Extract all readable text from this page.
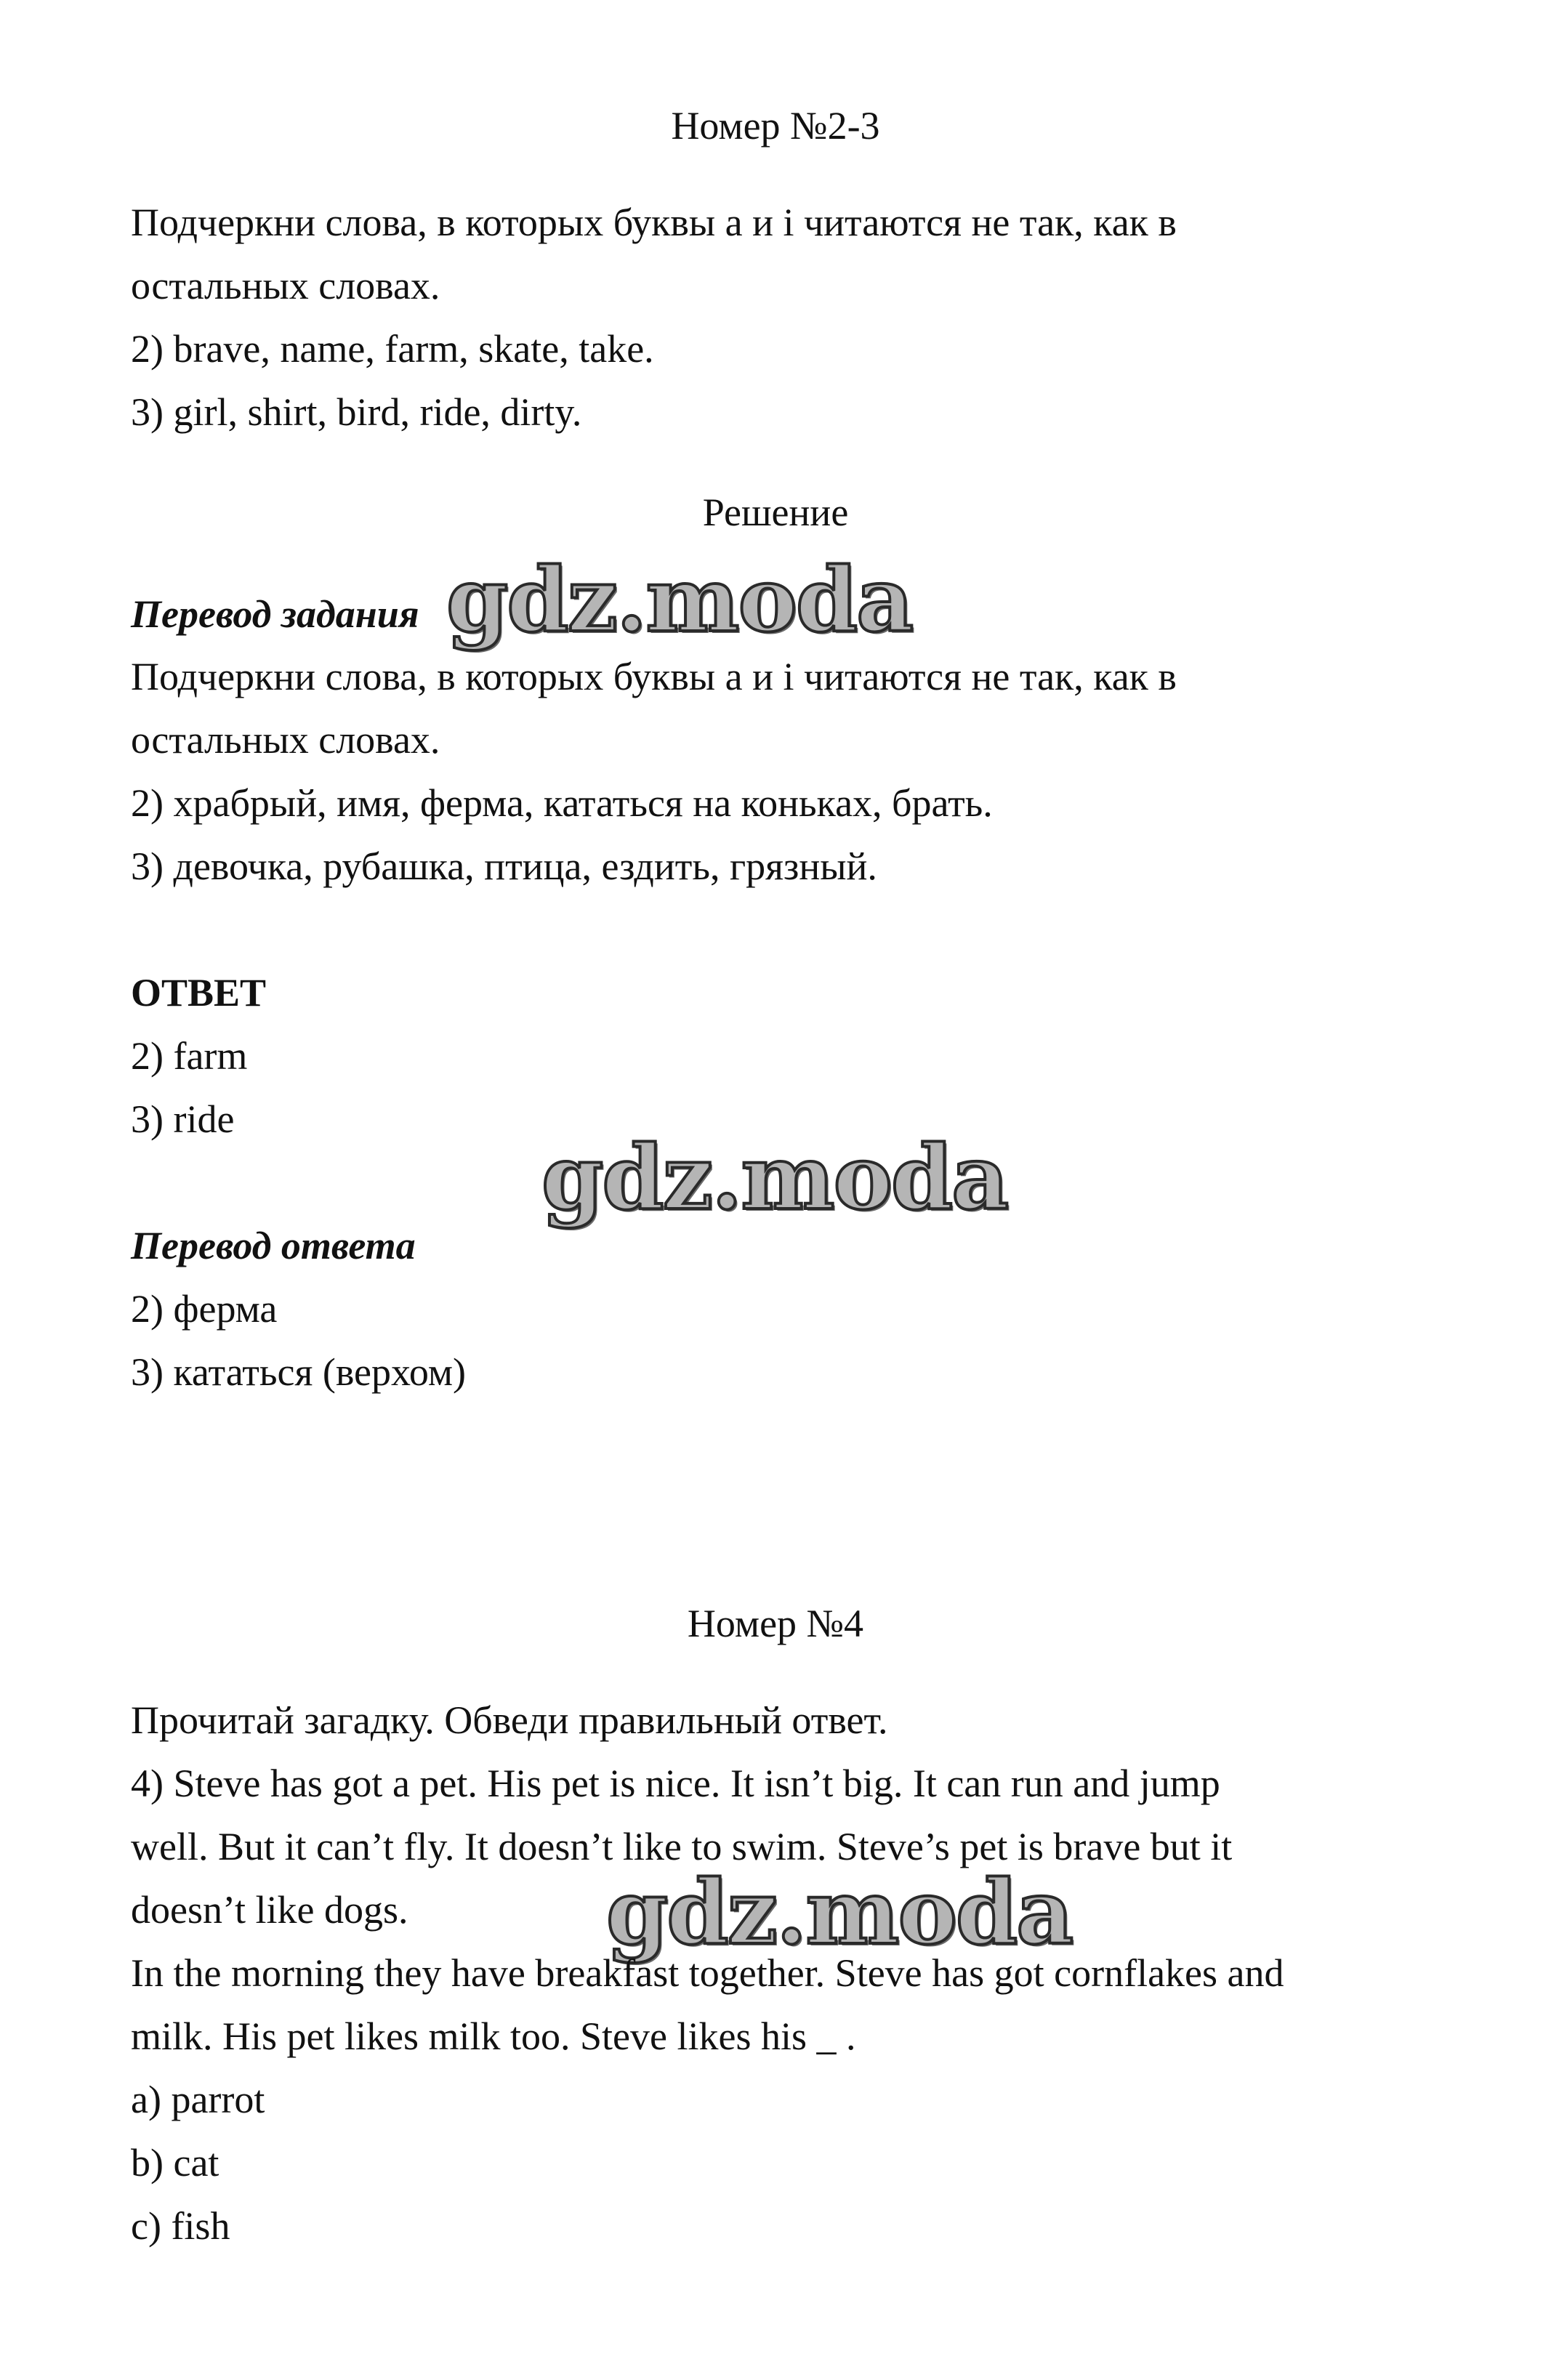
Номер №2-3
Подчеркни слова, в которых буквы a и i читаются не так, как в
остальных словах.
2) brave, name, farm, skate, take.
3) girl, shirt, bird, ride, dirty.
Решение
Перевод задания gdz.moda
Подчеркни слова, в которых буквы a и i читаются не так, как в
остальных словах.
2) храбрый, имя, ферма, кататься на коньках, брать.
3) девочка, рубашка, птица, ездить, грязный.
ОТВЕТ
2) farm
3) ride
gdz.moda
Перевод ответа
2) ферма
3) кататься (верхом)
Номер №4
Прочитай загадку. Обведи правильный ответ.
4) Steve has got a pet. His pet is nice. It isn’t big. It can run and jump
well. But it can’t fly. It doesn’t like to swim. Steve’s pet is brave but it
doesn’t like dogs. gdz.moda
In the morning they have breakfast together. Steve has got cornflakes and
milk. His pet likes milk too. Steve likes his _ .
a) parrot
b) cat
c) fish
